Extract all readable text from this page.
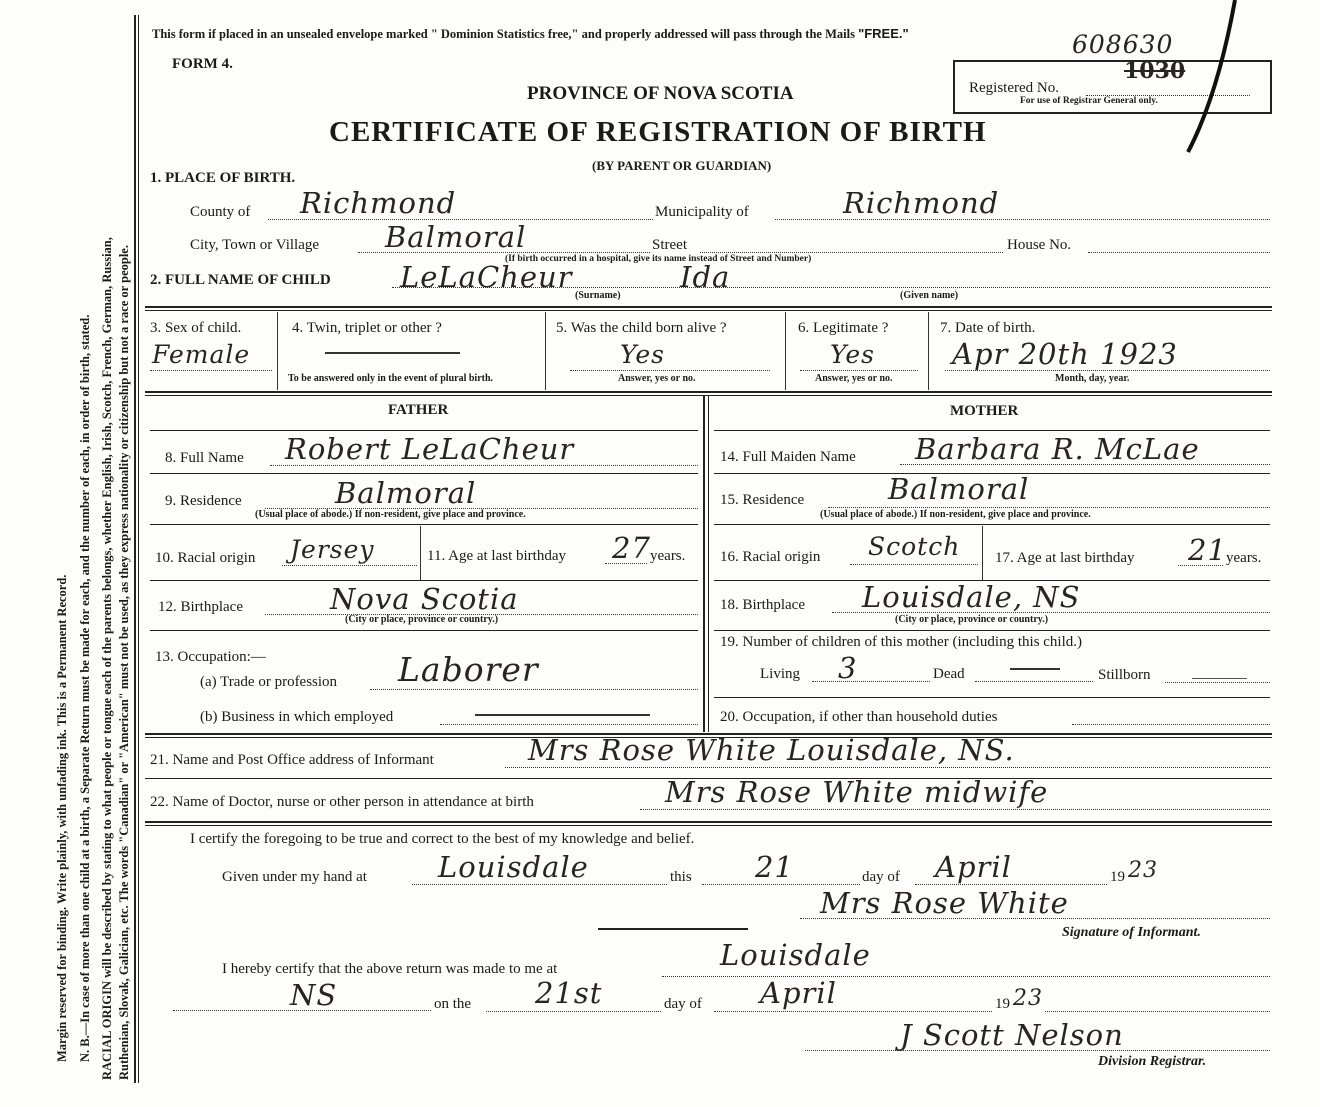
Margin reserved for binding. Write plainly, with unfading ink. This is a Permanent Record. N. B.—In case of more than one child at a birth, a Separate Return must be made for each, and the number of each, in order of birth, stated. RACIAL ORIGIN will be described by stating to what people or tongue each of the parents belongs, whether English, Irish, Scotch, French, German, Russian, Ruthenian, Slovak, Galician, etc. The words "Canadian" or "American" must not be used, as they express nationality or citizenship but not a race or people.
This form if placed in an unsealed envelope marked " Dominion Statistics free," and properly addressed will pass through the Mails "FREE."
FORM 4.
PROVINCE OF NOVA SCOTIA
CERTIFICATE OF REGISTRATION OF BIRTH
(BY PARENT OR GUARDIAN)
Registered No.
For use of Registrar General only.
1030
608630
1. PLACE OF BIRTH.
County of Richmond	Municipality of	Richmond
City, Town or Village Balmoral	Street	House No.
(If birth occurred in a hospital, give its name instead of Street and Number)
2. FULL NAME OF CHILD LeLaCheur	Ida
(Surname)	(Given name)
3. Sex of child.
Female
4. Twin, triplet or other ?
To be answered only in the event of plural birth.
5. Was the child born alive ?
Yes
Answer, yes or no.
6. Legitimate ?
Yes
Answer, yes or no.
7. Date of birth.
Apr 20th 1923
Month, day, year.
FATHER
8. Full Name Robert LeLaCheur
9. Residence	Balmoral
(Usual place of abode.) If non-resident, give place and province.
10. Racial origin Jersey	11. Age at last birthday 27 years.
12. Birthplace	Nova Scotia
(City or place, province or country.)
13. Occupation:—
(a) Trade or profession Laborer
(b) Business in which employed
MOTHER
14. Full Maiden Name Barbara R. McLae
15. Residence	Balmoral
(Usual place of abode.) If non-resident, give place and province.
16. Racial origin Scotch 17. Age at last birthday 21 years.
18. Birthplace Louisdale, NS
(City or place, province or country.)
19. Number of children of this mother (including this child.)
Living 3	Dead	Stillborn
20. Occupation, if other than household duties
21. Name and Post Office address of Informant	Mrs Rose White Louisdale, NS.
22. Name of Doctor, nurse or other person in attendance at birth	Mrs Rose White midwife
I certify the foregoing to be true and correct to the best of my knowledge and belief.
Given under my hand at Louisdale	this 21	day of April	19 23
Mrs Rose White
Signature of Informant.
I hereby certify that the above return was made to me at	Louisdale
NS	on the 21st	day of April	19 23
J Scott Nelson
Division Registrar.
